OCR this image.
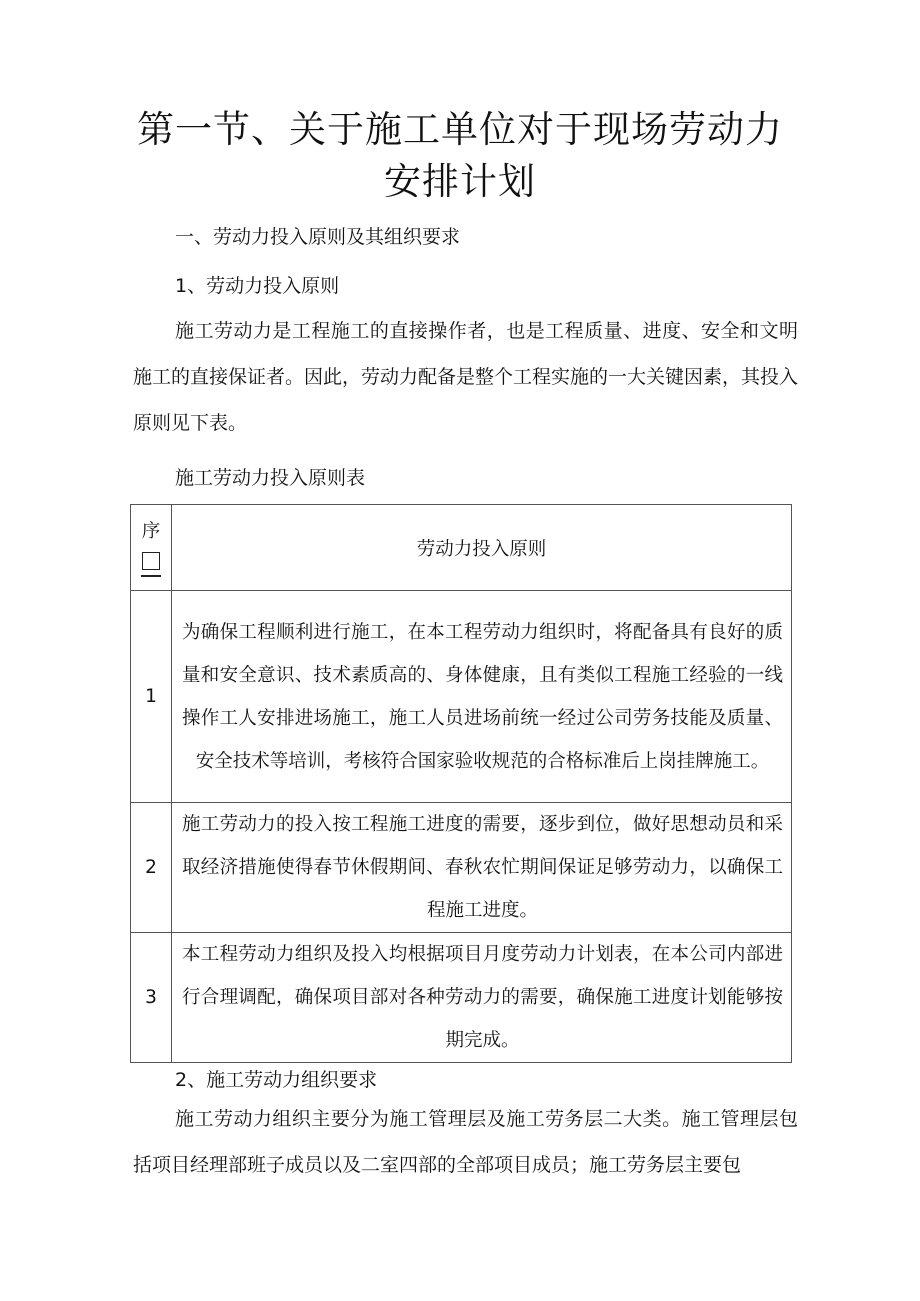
第一节、关于施工单位对于现场劳动力
安排计划
一、劳动力投入原则及其组织要求
1、劳动力投入原则

施工劳动力是工程施工的直接操作者，也是工程质量、进度、安全和文明施工的直接保证者。因此，劳动力配备是整个工程实施的一大关键因素，其投入原则见下表。

施工劳动力投入原则表
序	劳动力投入原则
1	为确保工程顺利进行施工，在本工程劳动力组织时，将配备具有良好的质量和安全意识、技术素质高的、身体健康，且有类似工程施工经验的一线操作工人安排进场施工，施工人员进场前统一经过公司劳务技能及质量、安全技术等培训，考核符合国家验收规范的合格标准后上岗挂牌施工。
2	施工劳动力的投入按工程施工进度的需要，逐步到位，做好思想动员和采取经济措施使得春节休假期间、春秋农忙期间保证足够劳动力，以确保工程施工进度。
3	本工程劳动力组织及投入均根据项目月度劳动力计划表，在本公司内部进行合理调配，确保项目部对各种劳动力的需要，确保施工进度计划能够按期完成。
2、施工劳动力组织要求

施工劳动力组织主要分为施工管理层及施工劳务层二大类。施工管理层包括项目经理部班子成员以及二室四部的全部项目成员；施工劳务层主要包
